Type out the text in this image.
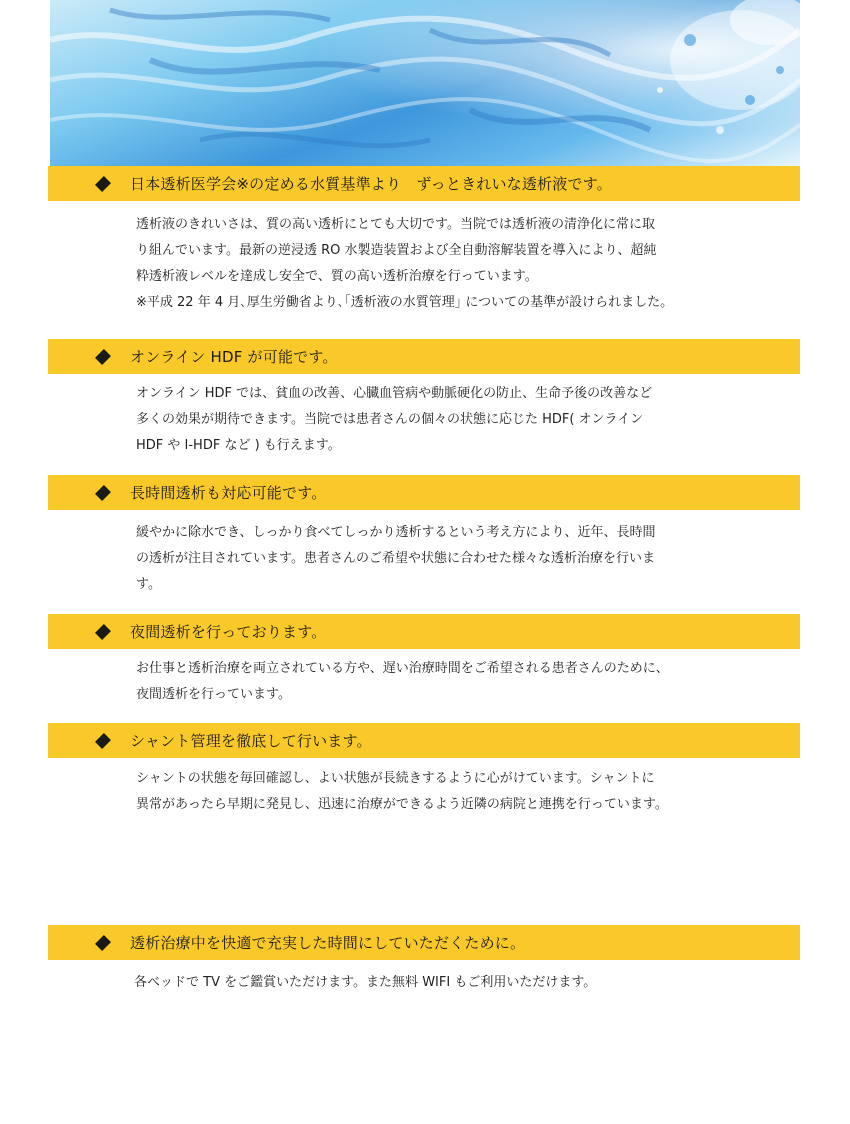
日本透析医学会※の定める水質基準より　ずっときれいな透析液です。

透析液のきれいさは、質の高い透析にとても大切です。当院では透析液の清浄化に常に取

り組んでいます。最新の逆浸透 RO 水製造装置および全自動溶解装置を導入により、超純

粋透析液レベルを達成し安全で、質の高い透析治療を行っています。

※平成 22 年 4 月､厚生労働省より､｢透析液の水質管理｣ についての基準が設けられました。

オンライン HDF が可能です。

オンライン HDF では、貧血の改善、心臓血管病や動脈硬化の防止、生命予後の改善など

多くの効果が期待できます。当院では患者さんの個々の状態に応じた HDF( オンライン

HDF や I-HDF など ) も行えます。

長時間透析も対応可能です。

緩やかに除水でき、しっかり食べてしっかり透析するという考え方により、近年、長時間

の透析が注目されています。患者さんのご希望や状態に合わせた様々な透析治療を行いま

す。

夜間透析を行っております。

お仕事と透析治療を両立されている方や、遅い治療時間をご希望される患者さんのために、

夜間透析を行っています。

シャント管理を徹底して行います。

シャントの状態を毎回確認し、よい状態が長続きするように心がけています。シャントに

異常があったら早期に発見し、迅速に治療ができるよう近隣の病院と連携を行っています。

透析治療中を快適で充実した時間にしていただくために。

各ベッドで TV をご鑑賞いただけます。また無料 WIFI もご利用いただけます。
